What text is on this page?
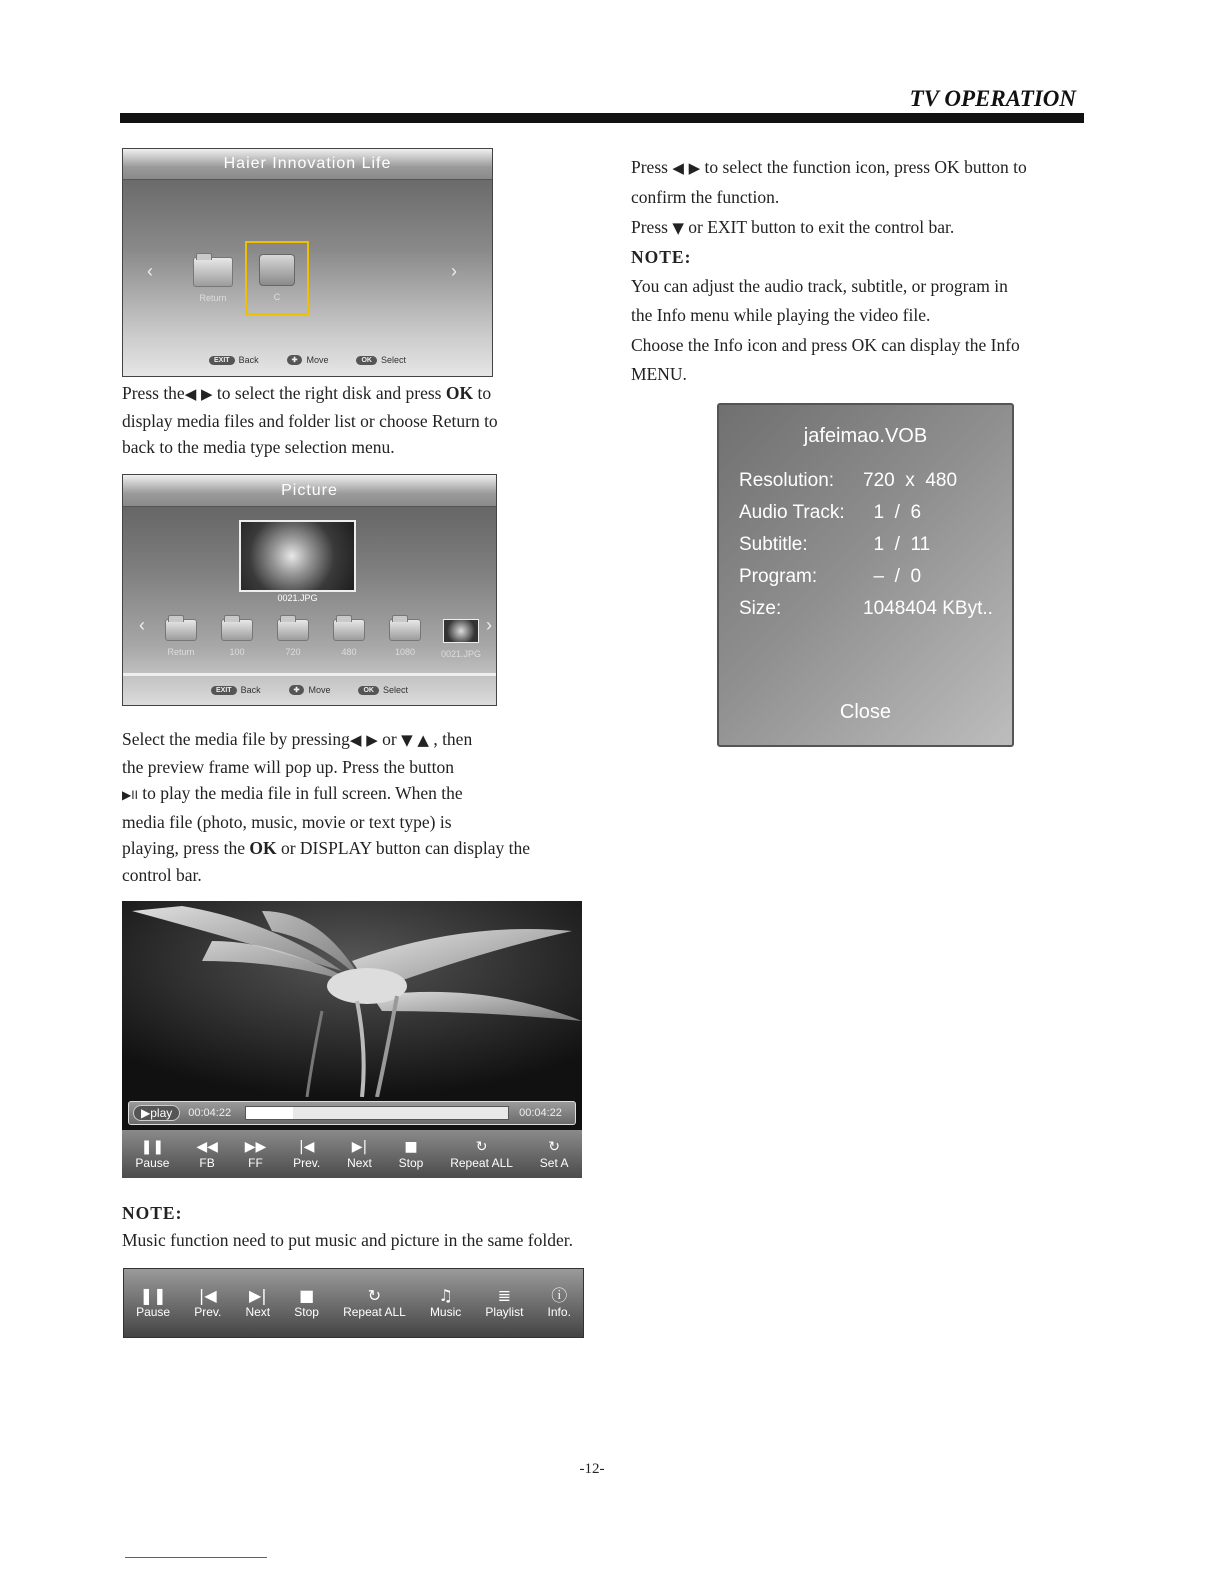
TV OPERATION
Haier Innovation Life
‹	›
Return	C
EXIT	Back	✚	Move	OK	Select
Press the◀ ▶ to select the right disk and press OK to
display media files and folder list or choose Return to
back to the media type selection menu.
Picture
0021.JPG
‹	›
Return	100	720	480	1080	0021.JPG
EXIT	Back	✚	Move	OK	Select
Select the media file by pressing◀ ▶ or ▼ ▲ , then
the preview frame will pop up. Press the button
▶II to play the media file in full screen. When the
media file (photo, music, movie or text type) is
playing, press the OK or DISPLAY button can display the
control bar.
▶play	00:04:22	00:04:22
❚❚
Pause
◀◀
FB
▶▶
FF
|◀
Prev.
▶|
Next
■
Stop
↻
Repeat ALL
↻
Set A
NOTE:
Music function need to put music and picture in the same folder.
❚❚
Pause
|◀
Prev.
▶|
Next
■
Stop
↻
Repeat ALL
♫
Music
≣
Playlist
ⓘ
Info.
Press ◀ ▶ to select the function icon, press OK button to
confirm the function.
Press ▼ or EXIT button to exit the control bar.
NOTE:
You can adjust the audio track, subtitle, or program in
the Info menu while playing the video file.
Choose the Info icon and press OK can display the Info
MENU.
jafeimao.VOB
Resolution:	720  x  480
Audio Track: 1  /  6
Subtitle:	1  /  11
Program:	–  /  0
Size:	1048404 KByt..
Close
-12-
